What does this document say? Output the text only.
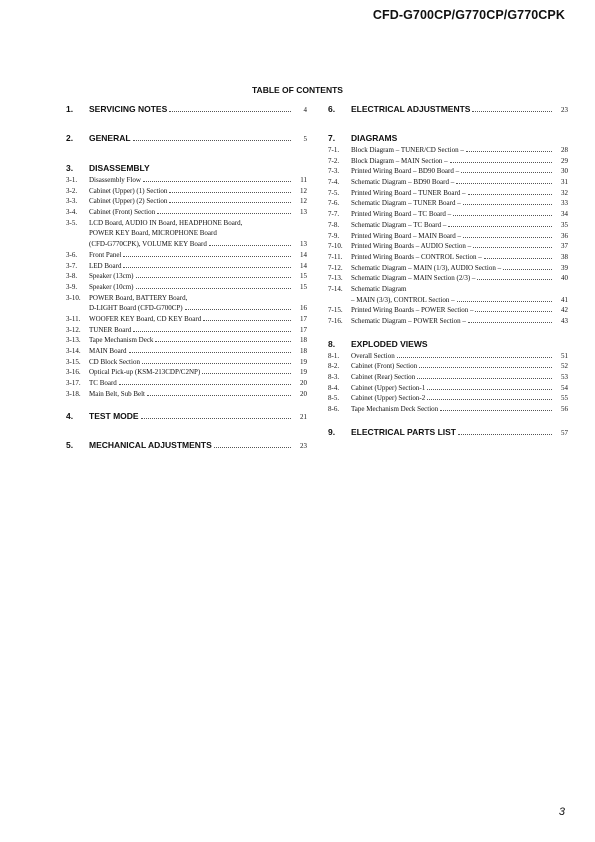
CFD-G700CP/G770CP/G770CPK
TABLE OF CONTENTS
1.	SERVICING NOTES	4
2.	GENERAL	5
3.	DISASSEMBLY
3-1.	Disassembly Flow	11
3-2.	Cabinet (Upper) (1) Section	12
3-3.	Cabinet (Upper) (2) Section	12
3-4.	Cabinet (Front) Section	13
3-5.	LCD Board, AUDIO IN Board, HEADPHONE Board,
POWER KEY Board, MICROPHONE Board
(CFD-G770CPK), VOLUME KEY Board	13
3-6.	Front Panel	14
3-7.	LED Board	14
3-8.	Speaker (13cm)	15
3-9.	Speaker (10cm)	15
3-10.	POWER Board, BATTERY Board,
D-LIGHT Board (CFD-G700CP)	16
3-11.	WOOFER KEY Board, CD KEY Board	17
3-12.	TUNER Board	17
3-13.	Tape Mechanism Deck	18
3-14.	MAIN Board	18
3-15.	CD Block Section	19
3-16.	Optical Pick-up (KSM-213CDP/C2NP)	19
3-17.	TC Board	20
3-18.	Main Belt, Sub Belt	20
4.	TEST MODE	21
5.	MECHANICAL ADJUSTMENTS	23
6.	ELECTRICAL ADJUSTMENTS	23
7.	DIAGRAMS
7-1.	Block Diagram – TUNER/CD Section –	28
7-2.	Block Diagram – MAIN Section –	29
7-3.	Printed Wiring Board – BD90 Board –	30
7-4.	Schematic Diagram – BD90 Board –	31
7-5.	Printed Wiring Board – TUNER Board –	32
7-6.	Schematic Diagram – TUNER Board –	33
7-7.	Printed Wiring Board – TC Board –	34
7-8.	Schematic Diagram – TC Board –	35
7-9.	Printed Wiring Board – MAIN Board –	36
7-10.	Printed Wiring Boards – AUDIO Section –	37
7-11.	Printed Wiring Boards – CONTROL Section –	38
7-12.	Schematic Diagram – MAIN (1/3), AUDIO Section –	39
7-13.	Schematic Diagram – MAIN Section (2/3) –	40
7-14.	Schematic Diagram
– MAIN (3/3), CONTROL Section –	41
7-15.	Printed Wiring Boards – POWER Section –	42
7-16.	Schematic Diagram – POWER Section –	43
8.	EXPLODED VIEWS
8-1.	Overall Section	51
8-2.	Cabinet (Front) Section	52
8-3.	Cabinet (Rear) Section	53
8-4.	Cabinet (Upper) Section-1	54
8-5.	Cabinet (Upper) Section-2	55
8-6.	Tape Mechanism Deck Section	56
9.	ELECTRICAL PARTS LIST	57
3
